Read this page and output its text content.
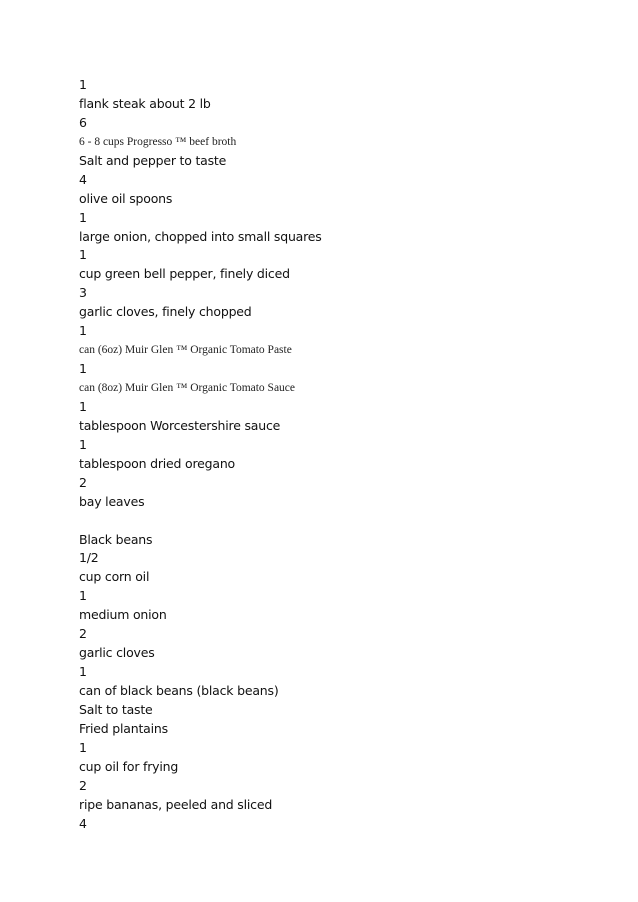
1
flank steak about 2 lb
6
6 - 8 cups Progresso ™ beef broth
Salt and pepper to taste
4
olive oil spoons
1
large onion, chopped into small squares
1
cup green bell pepper, finely diced
3
garlic cloves, finely chopped
1
can (6oz) Muir Glen ™ Organic Tomato Paste
1
can (8oz) Muir Glen ™ Organic Tomato Sauce
1
tablespoon Worcestershire sauce
1
tablespoon dried oregano
2
bay leaves
Black beans
1/2
cup corn oil
1
medium onion
2
garlic cloves
1
can of black beans (black beans)
Salt to taste
Fried plantains
1
cup oil for frying
2
ripe bananas, peeled and sliced
4
